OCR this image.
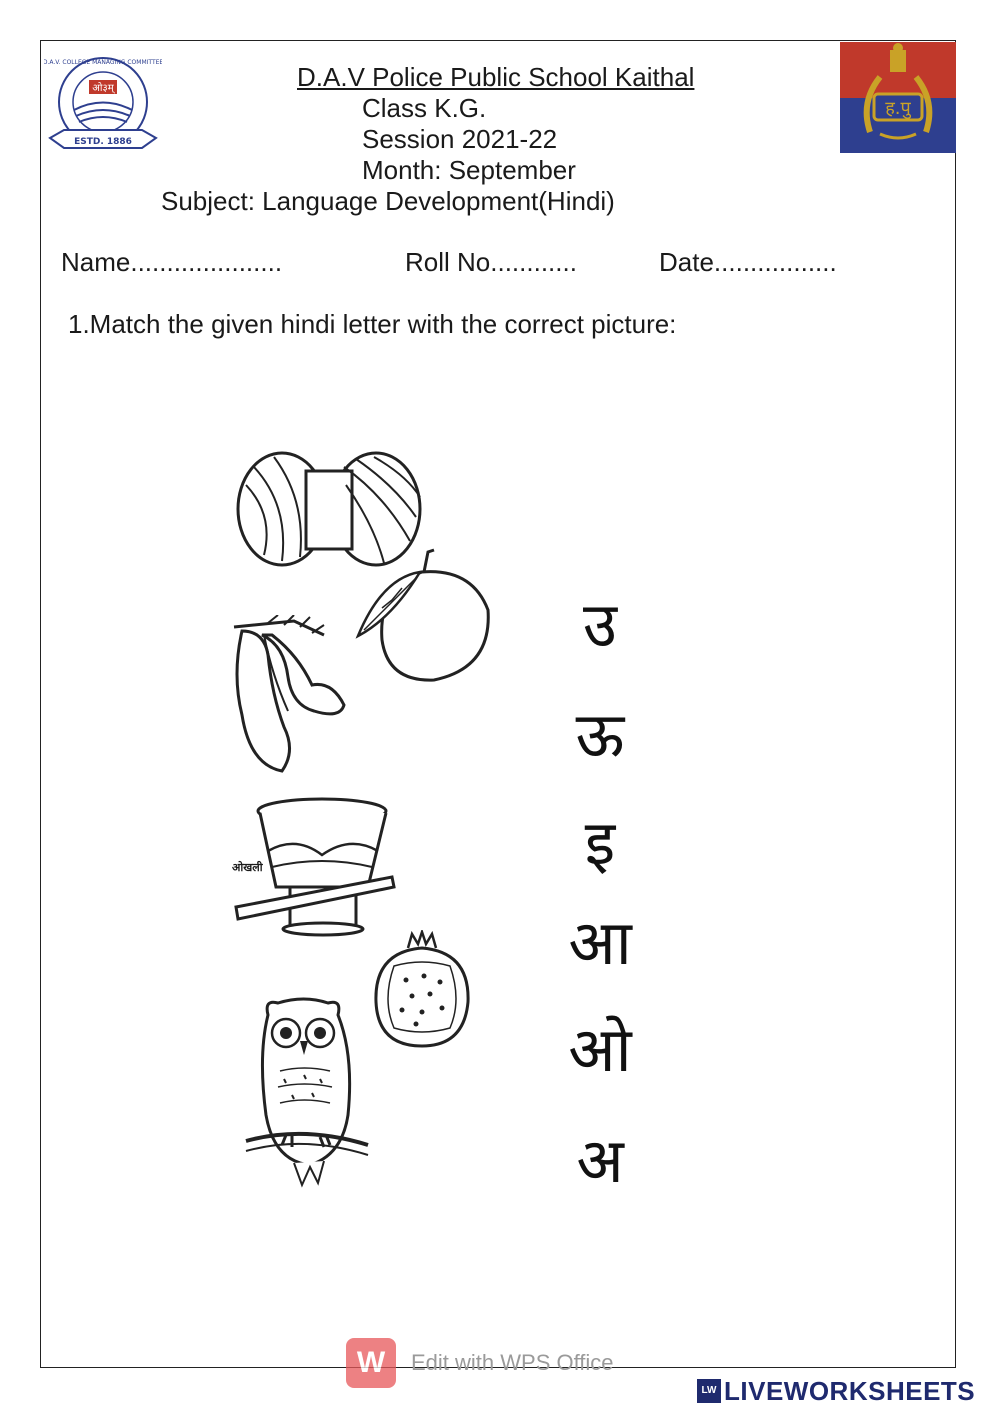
D.A.V. COLLEGE MANAGING COMMITTEE
ओ३म्
ESTD. 1886
ह.पु
D.A.V Police Public School Kaithal
Class K.G.
Session 2021-22
Month: September
Subject: Language Development(Hindi)
Name.....................	Roll No............	Date.................
1.Match the given hindi letter with the correct picture:
ओखली
उ
ऊ
इ
आ
ओ
अ
W	Edit with WPS Office
LW LIVEWORKSHEETS
